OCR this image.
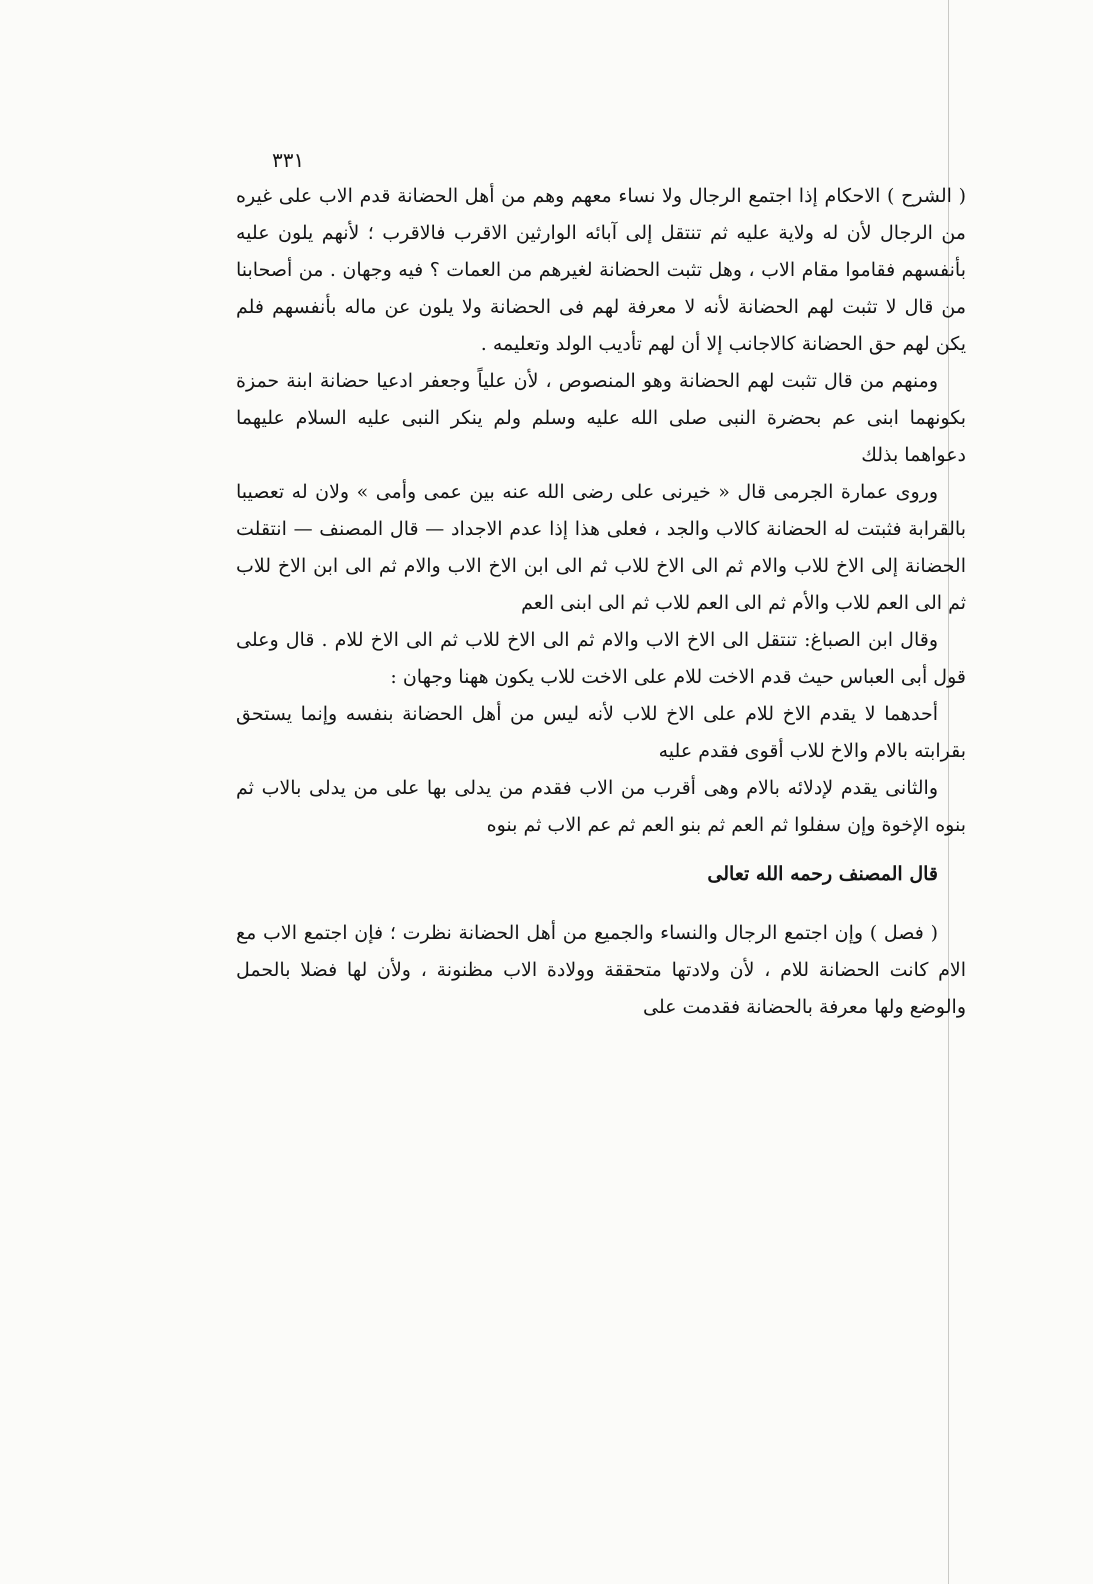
٣٣١

( الشرح ) الاحكام إذا اجتمع الرجال ولا نساء معهم وهم من أهل الحضانة قدم الاب على غيره من الرجال لأن له ولاية عليه ثم تنتقل إلى آبائه الوارثين الاقرب فالاقرب ؛ لأنهم يلون عليه بأنفسهم فقاموا مقام الاب ، وهل تثبت الحضانة لغيرهم من العمات ؟ فيه وجهان . من أصحابنا من قال لا تثبت لهم الحضانة لأنه لا معرفة لهم فى الحضانة ولا يلون عن ماله بأنفسهم فلم يكن لهم حق الحضانة كالاجانب إلا أن لهم تأديب الولد وتعليمه .

ومنهم من قال تثبت لهم الحضانة وهو المنصوص ، لأن علياً وجعفر ادعيا حضانة ابنة حمزة بكونهما ابنى عم بحضرة النبى صلى الله عليه وسلم ولم ينكر النبى عليه السلام عليهما دعواهما بذلك

وروى عمارة الجرمى قال « خيرنى على رضى الله عنه بين عمى وأمى » ولان له تعصيبا بالقرابة فثبتت له الحضانة كالاب والجد ، فعلى هذا إذا عدم الاجداد — قال المصنف — انتقلت الحضانة إلى الاخ للاب والام ثم الى الاخ للاب ثم الى ابن الاخ الاب والام ثم الى ابن الاخ للاب ثم الى العم للاب والأم ثم الى العم للاب ثم الى ابنى العم

وقال ابن الصباغ: تنتقل الى الاخ الاب والام ثم الى الاخ للاب ثم الى الاخ للام . قال وعلى قول أبى العباس حيث قدم الاخت للام على الاخت للاب يكون ههنا وجهان :

أحدهما لا يقدم الاخ للام على الاخ للاب لأنه ليس من أهل الحضانة بنفسه وإنما يستحق بقرابته بالام والاخ للاب أقوى فقدم عليه

والثانى يقدم لإدلائه بالام وهى أقرب من الاب فقدم من يدلى بها على من يدلى بالاب ثم بنوه الإخوة وإن سفلوا ثم العم ثم بنو العم ثم عم الاب ثم بنوه

قال المصنف رحمه الله تعالى

( فصل ) وإن اجتمع الرجال والنساء والجميع من أهل الحضانة نظرت ؛ فإن اجتمع الاب مع الام كانت الحضانة للام ، لأن ولادتها متحققة وولادة الاب مظنونة ، ولأن لها فضلا بالحمل والوضع ولها معرفة بالحضانة فقدمت على
